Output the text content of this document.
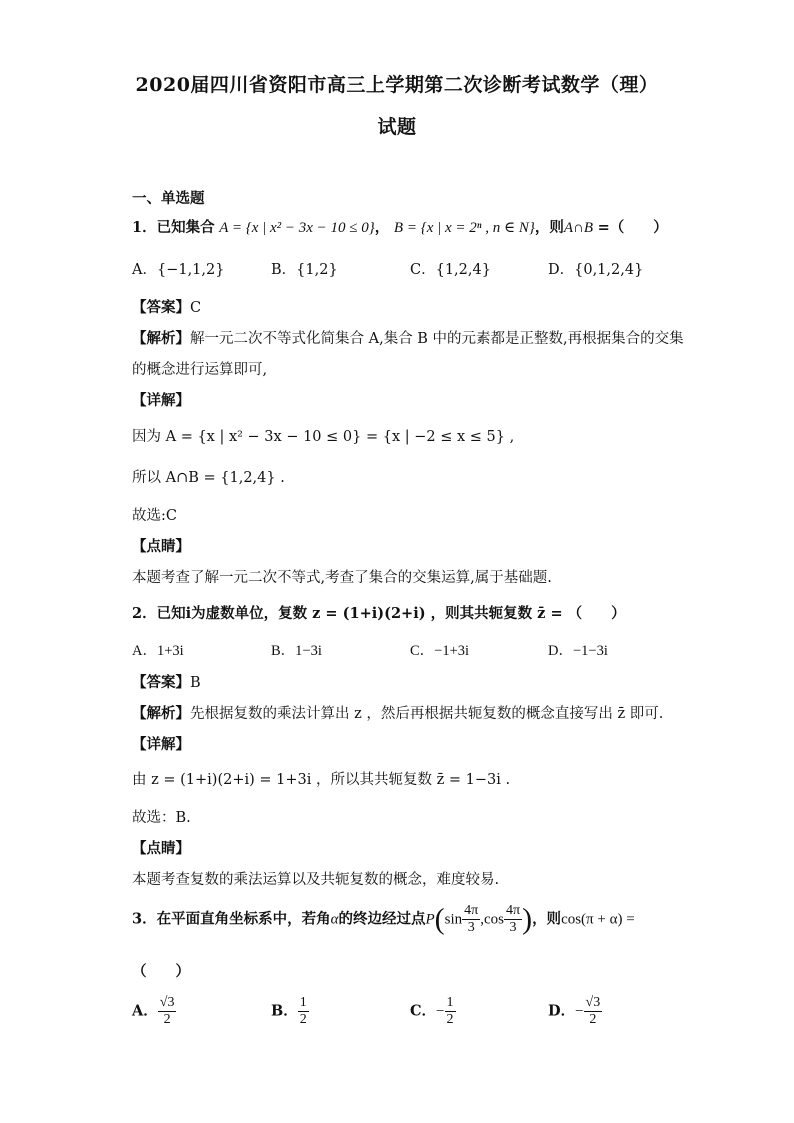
2020届四川省资阳市高三上学期第二次诊断考试数学（理）
试题
一、单选题
1．已知集合 A = {x | x² − 3x − 10 ≤ 0}， B = {x | x = 2ⁿ , n ∈ N}，则A∩B =（　　）
A．{−1,1,2}	B．{1,2}	C．{1,2,4}	D．{0,1,2,4}
【答案】C
【解析】解一元二次不等式化简集合 A,集合 B 中的元素都是正整数,再根据集合的交集
的概念进行运算即可,
【详解】
因为 A = {x | x² − 3x − 10 ≤ 0} = {x | −2 ≤ x ≤ 5} ,
所以 A∩B = {1,2,4} .
故选:C
【点睛】
本题考查了解一元二次不等式,考查了集合的交集运算,属于基础题.
2．已知i为虚数单位，复数 z = (1+i)(2+i) ，则其共轭复数 z̄ = （　　）
A．1+3i	B．1−3i	C．−1+3i	D．−1−3i
【答案】B
【解析】先根据复数的乘法计算出 z ，然后再根据共轭复数的概念直接写出 z̄ 即可.
【详解】
由 z = (1+i)(2+i) = 1+3i ，所以其共轭复数 z̄ = 1−3i .
故选：B.
【点睛】
本题考查复数的乘法运算以及共轭复数的概念，难度较易.
3．在平面直角坐标系中，若角α的终边经过点$P(\sin \frac{4\pi}{3} ,\cos \frac{4\pi}{3}$ )，则cos(π + α) =
（　　）
A． $\frac{√3}{2}$	B． $\frac{1}{2}$	C．− $\frac{1}{2}$	D．− $\frac{√3}{2}$
